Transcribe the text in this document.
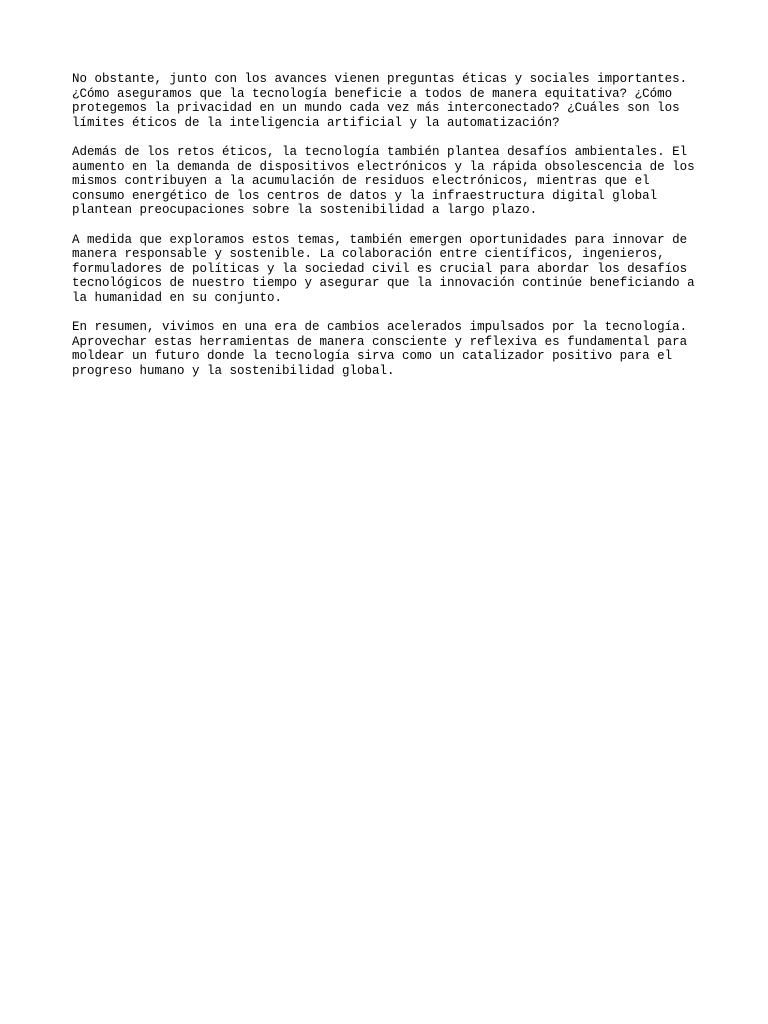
No obstante, junto con los avances vienen preguntas éticas y sociales importantes.
¿Cómo aseguramos que la tecnología beneficie a todos de manera equitativa? ¿Cómo
protegemos la privacidad en un mundo cada vez más interconectado? ¿Cuáles son los
límites éticos de la inteligencia artificial y la automatización?

Además de los retos éticos, la tecnología también plantea desafíos ambientales. El
aumento en la demanda de dispositivos electrónicos y la rápida obsolescencia de los
mismos contribuyen a la acumulación de residuos electrónicos, mientras que el
consumo energético de los centros de datos y la infraestructura digital global
plantean preocupaciones sobre la sostenibilidad a largo plazo.

A medida que exploramos estos temas, también emergen oportunidades para innovar de
manera responsable y sostenible. La colaboración entre científicos, ingenieros,
formuladores de políticas y la sociedad civil es crucial para abordar los desafíos
tecnológicos de nuestro tiempo y asegurar que la innovación continúe beneficiando a
la humanidad en su conjunto.

En resumen, vivimos en una era de cambios acelerados impulsados por la tecnología.
Aprovechar estas herramientas de manera consciente y reflexiva es fundamental para
moldear un futuro donde la tecnología sirva como un catalizador positivo para el
progreso humano y la sostenibilidad global.
